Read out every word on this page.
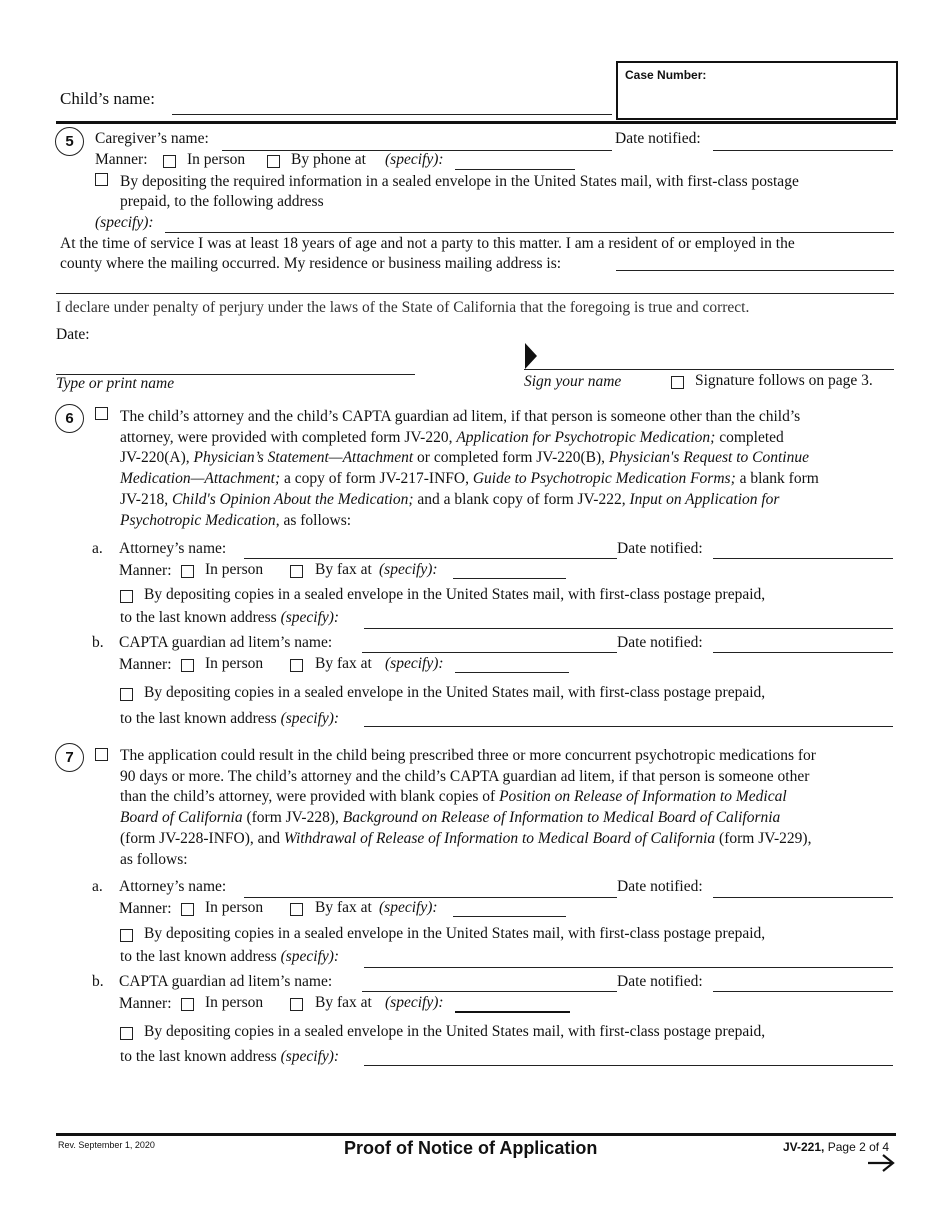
Child’s name:
Case Number:
5	Caregiver’s name:	Date notified:
Manner:	In person	By phone at (specify):
By depositing the required information in a sealed envelope in the United States mail, with first-class postage
prepaid, to the following address
(specify):
At the time of service I was at least 18 years of age and not a party to this matter. I am a resident of or employed in the
county where the mailing occurred. My residence or business mailing address is:
I declare under penalty of perjury under the laws of the State of California that the foregoing is true and correct.
Date:
Type or print name	Sign your name	Signature follows on page 3.
6	The child’s attorney and the child’s CAPTA guardian ad litem, if that person is someone other than the child’s
attorney, were provided with completed form JV-220, Application for Psychotropic Medication; completed
JV-220(A), Physician’s Statement—Attachment or completed form JV-220(B), Physician's Request to Continue
Medication—Attachment; a copy of form JV-217-INFO, Guide to Psychotropic Medication Forms; a blank form
JV-218, Child's Opinion About the Medication; and a blank copy of form JV-222, Input on Application for
Psychotropic Medication, as follows:
a. Attorney’s name:	Date notified:
Manner: In person	By fax at (specify):
By depositing copies in a sealed envelope in the United States mail, with first-class postage prepaid,
to the last known address (specify):
b. CAPTA guardian ad litem’s name:	Date notified:
Manner: In person	By fax at (specify):
By depositing copies in a sealed envelope in the United States mail, with first-class postage prepaid,
to the last known address (specify):
7	The application could result in the child being prescribed three or more concurrent psychotropic medications for
90 days or more. The child’s attorney and the child’s CAPTA guardian ad litem, if that person is someone other
than the child’s attorney, were provided with blank copies of Position on Release of Information to Medical
Board of California (form JV-228), Background on Release of Information to Medical Board of California
(form JV-228-INFO), and Withdrawal of Release of Information to Medical Board of California (form JV-229),
as follows:
a. Attorney’s name:	Date notified:
Manner: In person	By fax at (specify):
By depositing copies in a sealed envelope in the United States mail, with first-class postage prepaid,
to the last known address (specify):
b. CAPTA guardian ad litem’s name:	Date notified:
Manner: In person	By fax at (specify):
By depositing copies in a sealed envelope in the United States mail, with first-class postage prepaid,
to the last known address (specify):
Rev. September 1, 2020	Proof of Notice of Application	JV-221, Page 2 of 4
